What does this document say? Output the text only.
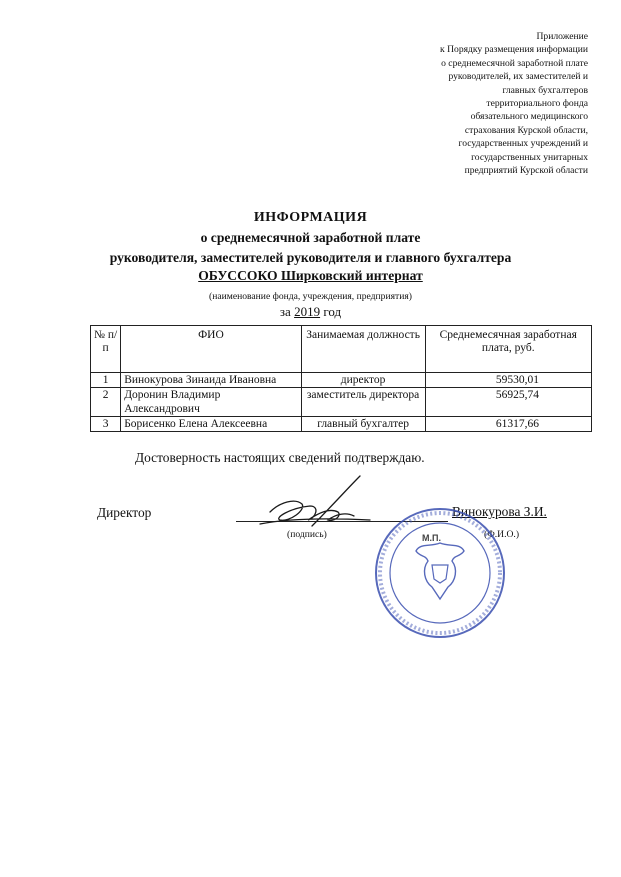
Приложение
к Порядку размещения информации
о среднемесячной заработной плате
руководителей, их заместителей и
главных бухгалтеров
территориального фонда
обязательного медицинского
страхования Курской области,
государственных учреждений и
государственных унитарных
предприятий Курской области
ИНФОРМАЦИЯ
о среднемесячной заработной плате
руководителя, заместителей руководителя и главного бухгалтера
ОБУССОКО Ширковский интернат
(наименование фонда, учреждения, предприятия)
за 2019 год
№ п/п	ФИО	Занимаемая должность	Среднемесячная заработная плата, руб.
1	Винокурова Зинаида Ивановна	директор	59530,01
2	Доронин Владимир Александрович	заместитель директора	56925,74
3	Борисенко Елена Алексеевна	главный бухгалтер	61317,66
Достоверность настоящих сведений подтверждаю.
Директор
(подпись)
Винокурова З.И.
(Ф.И.О.)
М.П.
